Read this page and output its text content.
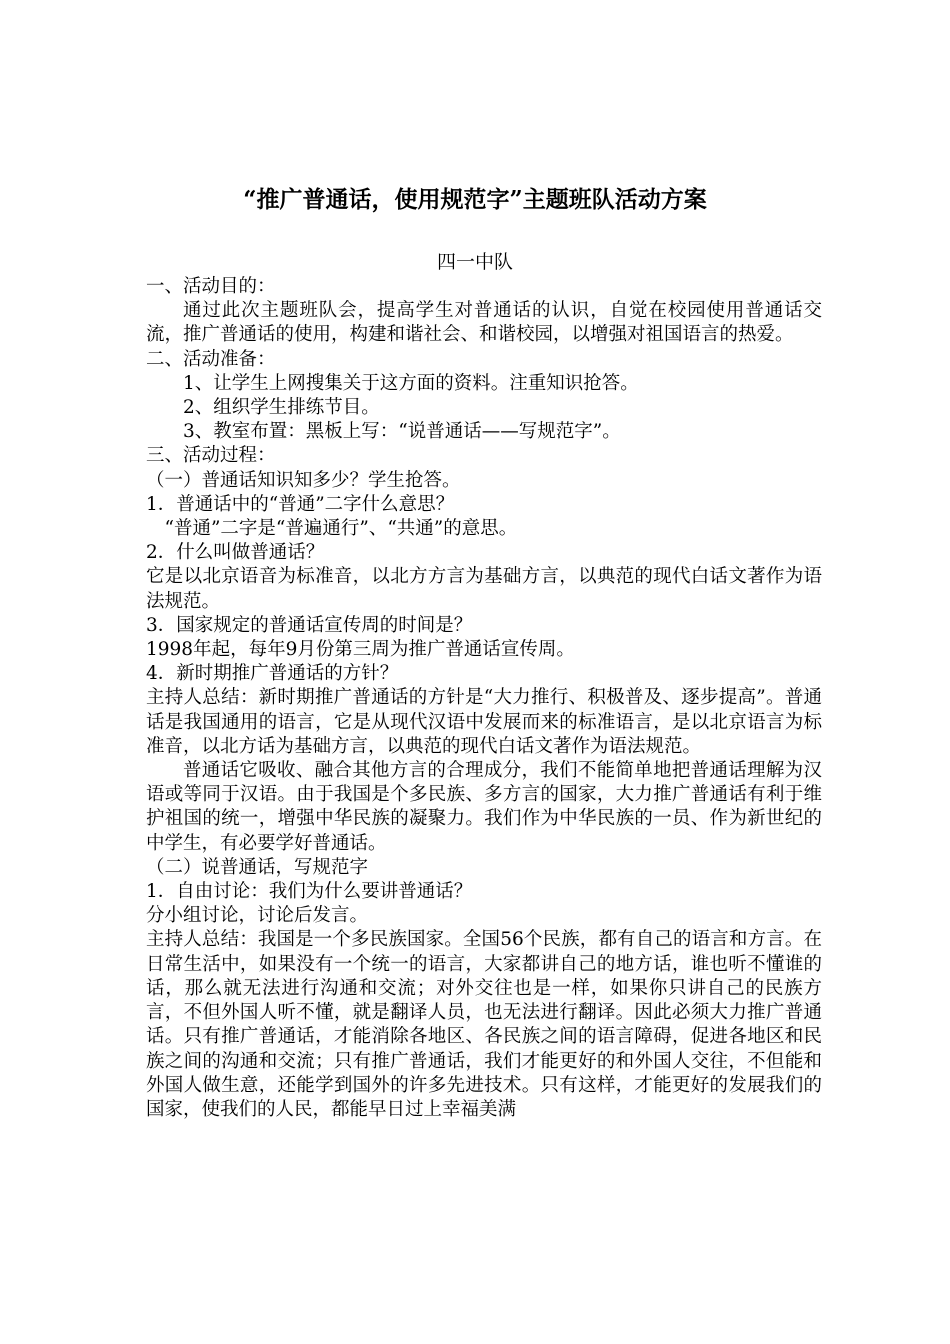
“推广普通话，使用规范字”主题班队活动方案
四一中队

一、活动目的：

通过此次主题班队会，提高学生对普通话的认识，自觉在校园使用普通话交流，推广普通话的使用，构建和谐社会、和谐校园，以增强对祖国语言的热爱。

二、活动准备：

1、让学生上网搜集关于这方面的资料。注重知识抢答。

2、组织学生排练节目。

3、教室布置：黑板上写：“说普通话——写规范字”。

三、活动过程：

（一）普通话知识知多少？学生抢答。

1．普通话中的“普通”二字什么意思？

“普通”二字是“普遍通行”、“共通”的意思。

2．什么叫做普通话？

它是以北京语音为标准音，以北方方言为基础方言，以典范的现代白话文著作为语法规范。

3．国家规定的普通话宣传周的时间是？

1998年起，每年9月份第三周为推广普通话宣传周。

4．新时期推广普通话的方针？

主持人总结：新时期推广普通话的方针是“大力推行、积极普及、逐步提高”。普通话是我国通用的语言，它是从现代汉语中发展而来的标准语言，是以北京语言为标准音，以北方话为基础方言，以典范的现代白话文著作为语法规范。

普通话它吸收、融合其他方言的合理成分，我们不能简单地把普通话理解为汉语或等同于汉语。由于我国是个多民族、多方言的国家，大力推广普通话有利于维护祖国的统一，增强中华民族的凝聚力。我们作为中华民族的一员、作为新世纪的中学生，有必要学好普通话。

（二）说普通话，写规范字

1．自由讨论：我们为什么要讲普通话？

分小组讨论，讨论后发言。

主持人总结：我国是一个多民族国家。全国56个民族，都有自己的语言和方言。在日常生活中，如果没有一个统一的语言，大家都讲自己的地方话，谁也听不懂谁的话，那么就无法进行沟通和交流；对外交往也是一样，如果你只讲自己的民族方言，不但外国人听不懂，就是翻译人员，也无法进行翻译。因此必须大力推广普通话。只有推广普通话，才能消除各地区、各民族之间的语言障碍，促进各地区和民族之间的沟通和交流；只有推广普通话，我们才能更好的和外国人交往，不但能和外国人做生意，还能学到国外的许多先进技术。只有这样，才能更好的发展我们的国家，使我们的人民，都能早日过上幸福美满
